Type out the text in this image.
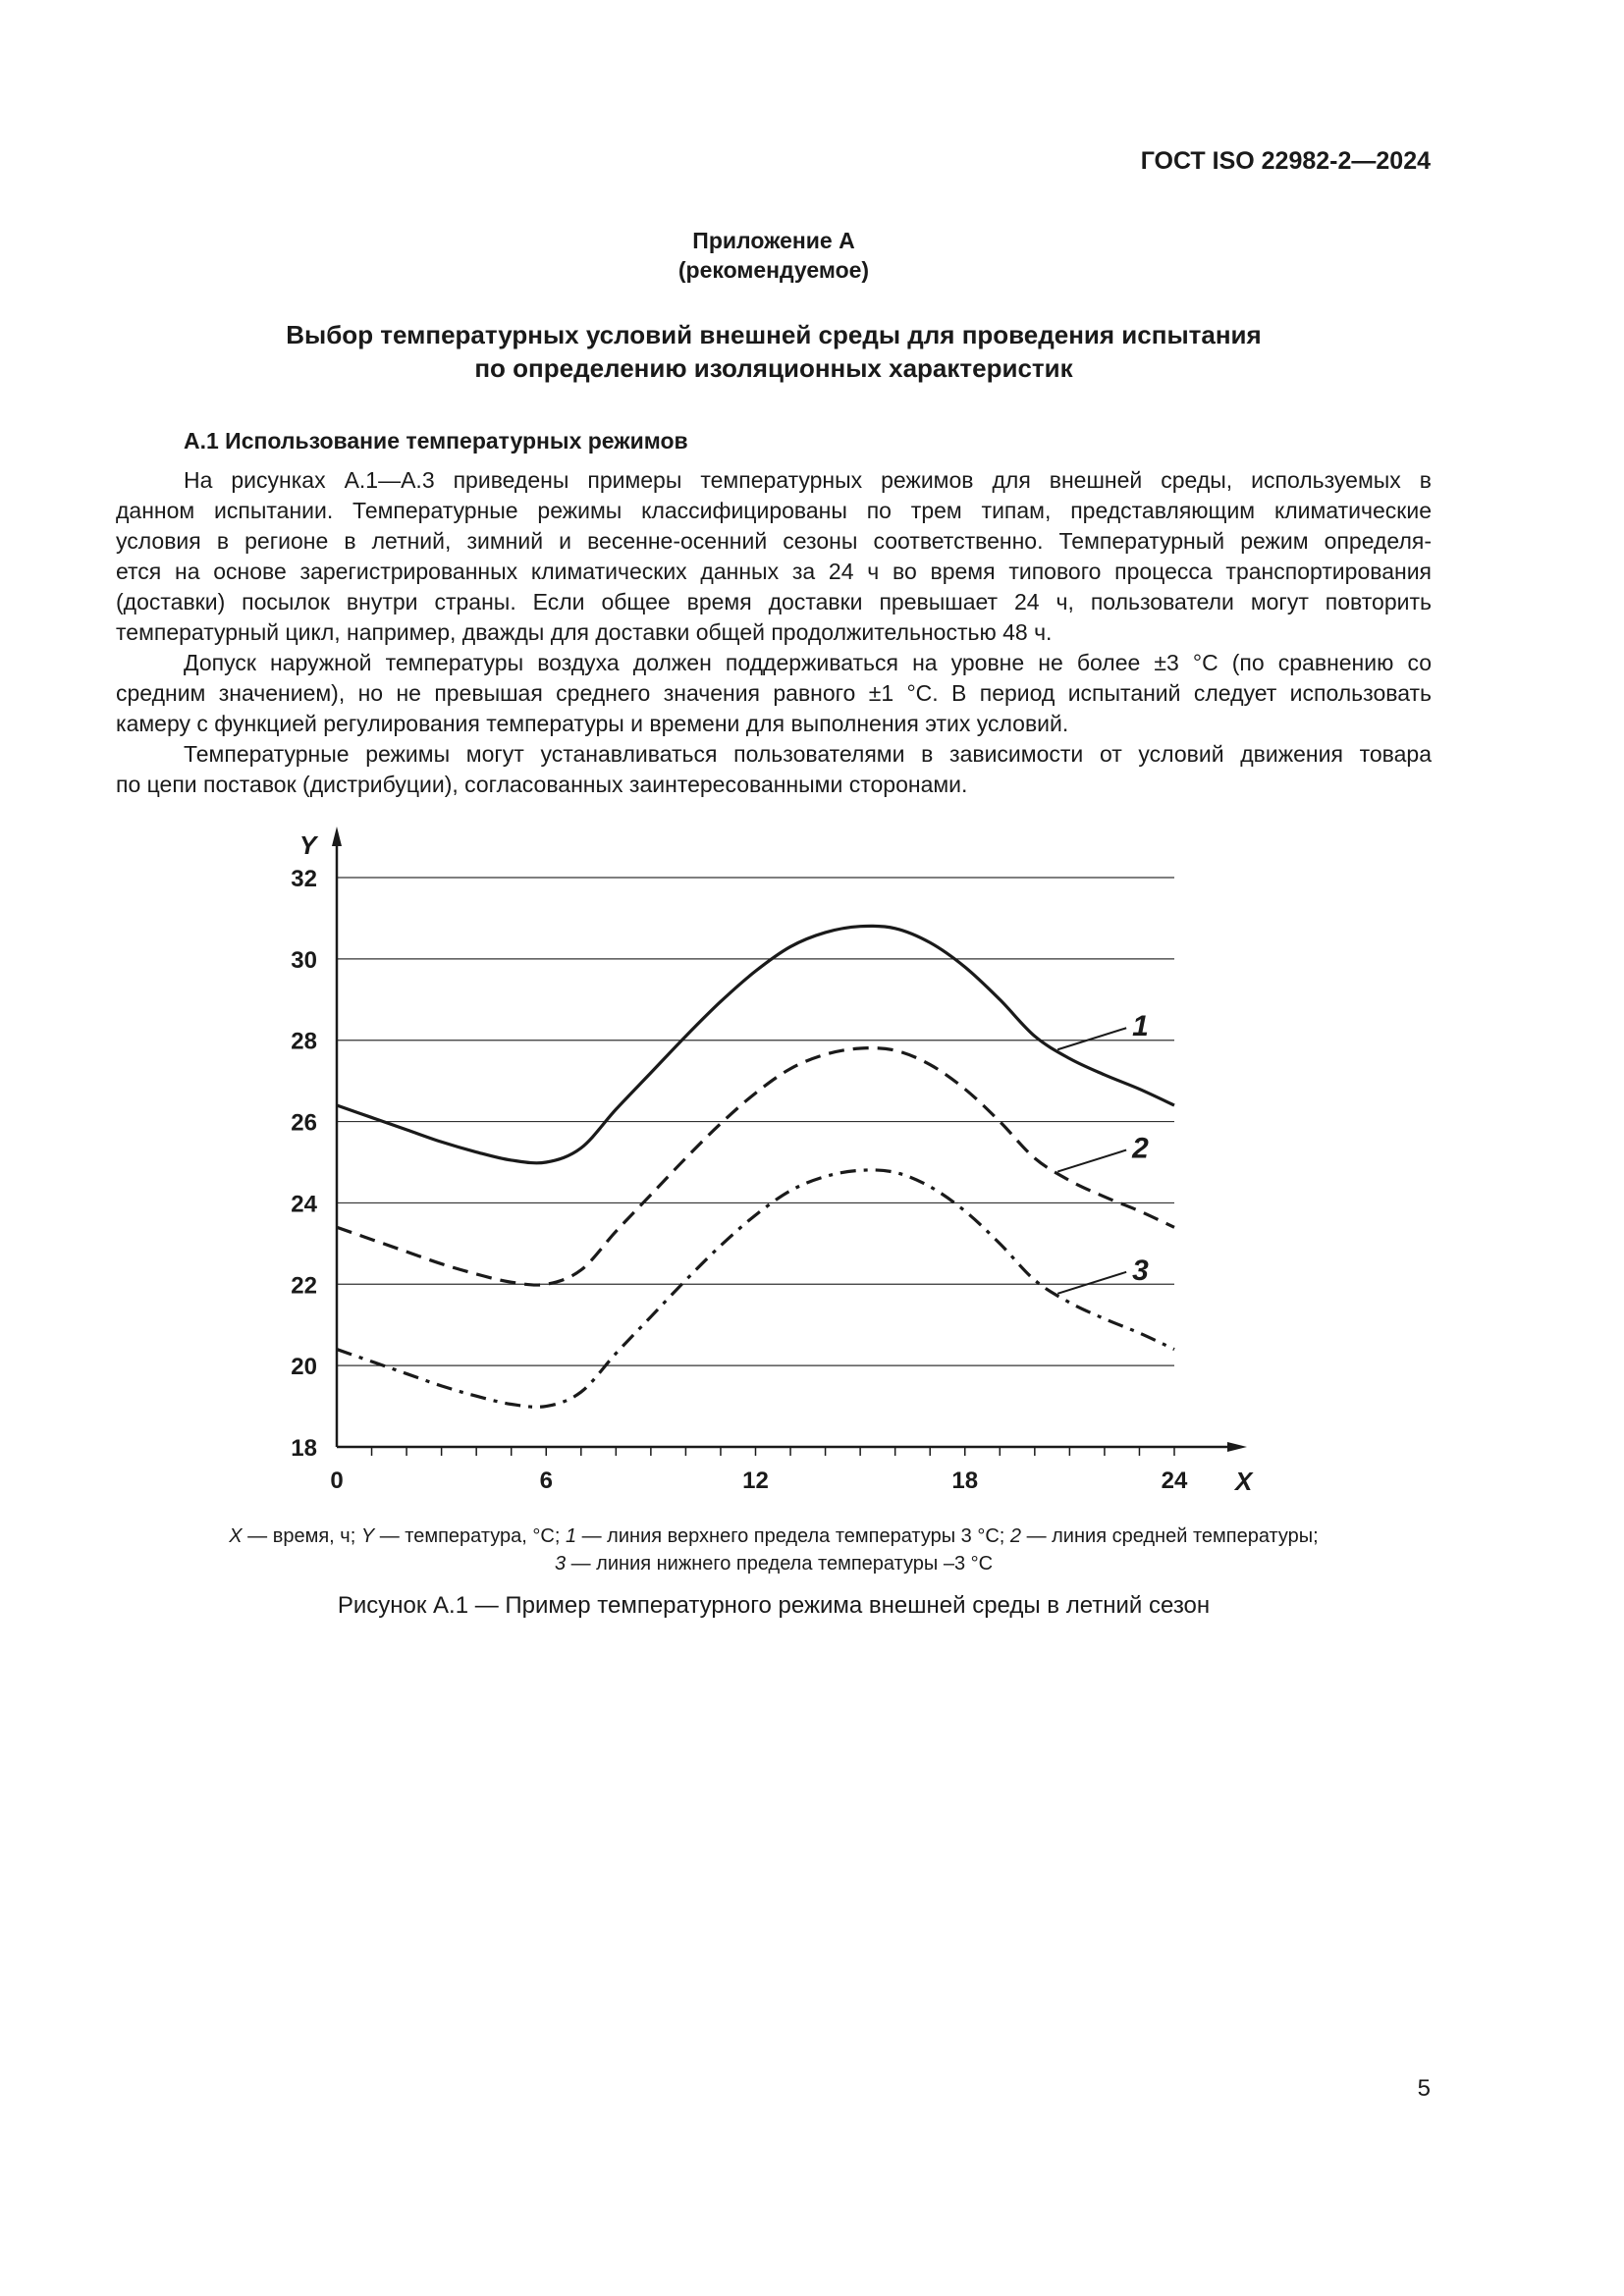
ГОСТ ISO 22982-2—2024
Приложение А
(рекомендуемое)
Выбор температурных условий внешней среды для проведения испытания
по определению изоляционных характеристик
А.1 Использование температурных режимов

На рисунках А.1—А.3 приведены примеры температурных режимов для внешней среды, используемых в
данном испытании. Температурные режимы классифицированы по трем типам, представляющим климатические
условия в регионе в летний, зимний и весенне-осенний сезоны соответственно. Температурный режим определя-
ется на основе зарегистрированных климатических данных за 24 ч во время типового процесса транспортирования
(доставки) посылок внутри страны. Если общее время доставки превышает 24 ч, пользователи могут повторить
температурный цикл, например, дважды для доставки общей продолжительностью 48 ч.

Допуск наружной температуры воздуха должен поддерживаться на уровне не более ±3 °С (по сравнению со
средним значением), но не превышая среднего значения равного ±1 °С. В период испытаний следует использовать
камеру с функцией регулирования температуры и времени для выполнения этих условий.

Температурные режимы могут устанавливаться пользователями в зависимости от условий движения товара
по цепи поставок (дистрибуции), согласованных заинтересованными сторонами.

18
20
22
24
26
28
30
32
0	6	12	18	24
Y
X
1
2
3
X — время, ч; Y — температура, °С; 1 — линия верхнего предела температуры 3 °С; 2 — линия средней температуры;
3 — линия нижнего предела температуры –3 °С
Рисунок А.1 — Пример температурного режима внешней среды в летний сезон
5
